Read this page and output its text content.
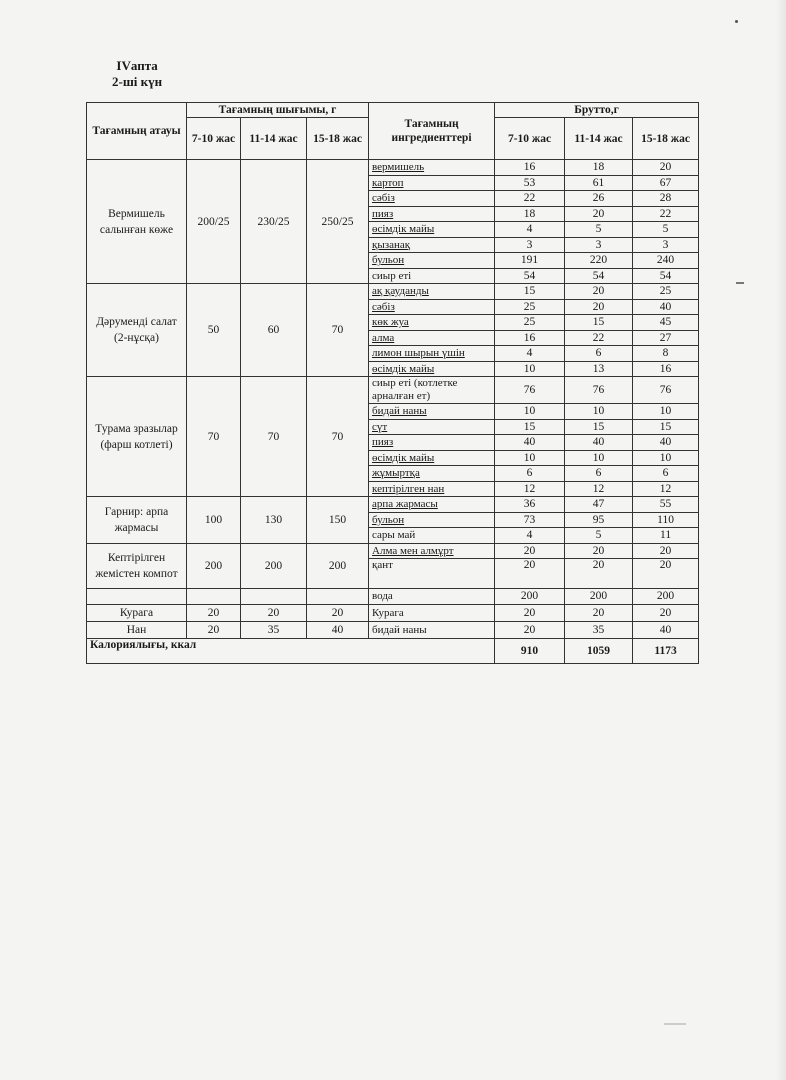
IVапта
2-ші күн
Тағамның атауы	Тағамның шығымы, г			Тағамның ингредиенттері	Брутто,г		
	7-10 жас	11-14 жас	15-18 жас		7-10 жас	11-14 жас	15-18 жас
Вермишель салынған көже	200/25	230/25	250/25	вермишель	16	18	20
				картоп	53	61	67
				сәбіз	22	26	28
				пияз	18	20	22
				өсімдік майы	4	5	5
				қызанақ	3	3	3
				бульон	191	220	240
				сиыр еті	54	54	54
Дәруменді салат (2-нұсқа)	50	60	70	ақ қауданды	15	20	25
				сәбіз	25	20	40
				көк жуа	25	15	45
				алма	16	22	27
				лимон шырын үшін	4	6	8
				өсімдік майы	10	13	16
Турама зразылар (фарш котлеті)	70	70	70	сиыр еті (котлетке арналған ет)	76	76	76
				бидай наны	10	10	10
				сүт	15	15	15
				пияз	40	40	40
				өсімдік майы	10	10	10
				жұмыртқа	6	6	6
				кептірілген нан	12	12	12
Гарнир: арпа жармасы	100	130	150	арпа жармасы	36	47	55
				бульон	73	95	110
				сары май	4	5	11
Кептірілген жемістен компот	200	200	200	Алма мен алмұрт	20	20	20
				қант	20	20	20
				вода	200	200	200
Курага	20	20	20	Курага	20	20	20
Нан	20	35	40	бидай наны	20	35	40
Калориялығы, ккал					910	1059	1173
